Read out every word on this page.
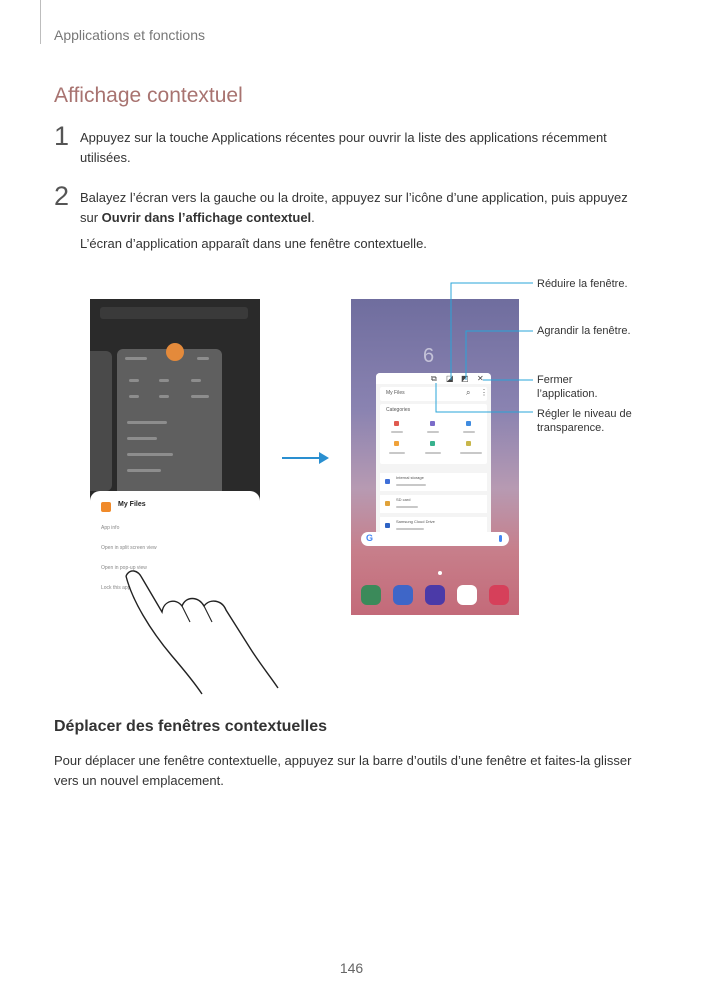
Applications et fonctions
Affichage contextuel
1 Appuyez sur la touche Applications récentes pour ouvrir la liste des applications récemment utilisées.
2 Balayez l’écran vers la gauche ou la droite, appuyez sur l’icône d’une application, puis appuyez sur Ouvrir dans l’affichage contextuel.
L’écran d’application apparaît dans une fenêtre contextuelle.
My Files
App info
Open in split screen view
Open in pop-up view
Lock this app
6
⧉ ◪ ◩ ✕
My Files	⌕ ⋮
Categories
Internal storage
SD card
Samsung Cloud Drive
G
Réduire la fenêtre.
Agrandir la fenêtre.
Fermer
l’application.
Régler le niveau de
transparence.
Déplacer des fenêtres contextuelles

Pour déplacer une fenêtre contextuelle, appuyez sur la barre d’outils d’une fenêtre et faites-la glisser vers un nouvel emplacement.

146
